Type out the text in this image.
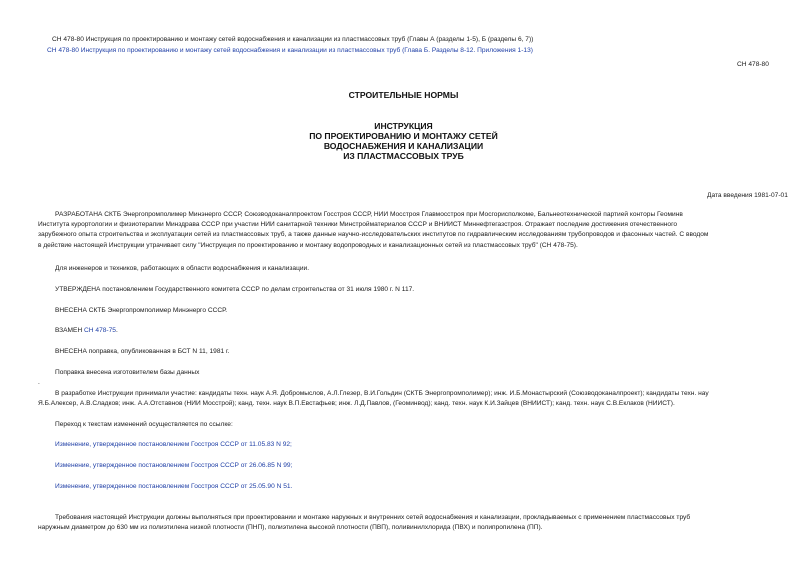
СН 478-80 Инструкция по проектированию и монтажу сетей водоснабжения и канализации из пластмассовых труб (Главы А (разделы 1-5), Б (разделы 6, 7))
СН 478-80 Инструкция по проектированию и монтажу сетей водоснабжения и канализации из пластмассовых труб (Глава Б. Разделы 8-12. Приложения 1-13)
СН 478-80
СТРОИТЕЛЬНЫЕ НОРМЫ
ИНСТРУКЦИЯ
ПО ПРОЕКТИРОВАНИЮ И МОНТАЖУ СЕТЕЙ
ВОДОСНАБЖЕНИЯ И КАНАЛИЗАЦИИ
ИЗ ПЛАСТМАССОВЫХ ТРУБ
Дата введения 1981-07-01
РАЗРАБОТАНА СКТБ Энергопромполимер Минэнерго СССР, Союзводоканалпроектом Госстроя СССР, НИИ Мосстроя Главмосстроя при Мосгорисполкоме, Бальнеотехнической партией конторы Геоминв
Института курортологии и физиотерапии Минздрава СССР при участии НИИ санитарной техники Минстройматериалов СССР и ВНИИСТ Миннефтегазстроя. Отражает последние достижения отечественного
зарубежного опыта строительства и эксплуатации сетей из пластмассовых труб, а также данные научно-исследовательских институтов по гидравлическим исследованиям трубопроводов и фасонных частей. С вводом
в действие настоящей Инструкции утрачивает силу "Инструкция по проектированию и монтажу водопроводных и канализационных сетей из пластмассовых труб" (СН 478-75).
Для инженеров и техников, работающих в области водоснабжения и канализации.
УТВЕРЖДЕНА постановлением Государственного комитета СССР по делам строительства от 31 июля 1980 г. N 117.
ВНЕСЕНА СКТБ Энергопромполимер Минэнерго СССР.
ВЗАМЕН СН 478-75.
ВНЕСЕНА поправка, опубликованная в БСТ N 11, 1981 г.
Поправка внесена изготовителем базы данных
.
В разработке Инструкции принимали участие: кандидаты техн. наук А.Я. Добромыслов, А.Л.Глезер, В.И.Гольдин (СКТБ Энергопромполимер); инж. И.Б.Монастырский (Союзводоканалпроект); кандидаты техн. нау
Я.Б.Алексер, А.В.Сладков; инж. А.А.Отставнов (НИИ Мосстрой); канд. техн. наук В.П.Евстафьев; инж. Л.Д.Павлов, (Геоминвод); канд. техн. наук К.И.Зайцев (ВНИИСТ); канд. техн. наук С.В.Еклаков (НИИСТ).
Переход к текстам изменений осуществляется по ссылке:
Изменение, утвержденное постановлением Госстроя СССР от 11.05.83 N 92;
Изменение, утвержденное постановлением Госстроя СССР от 26.06.85 N 99;
Изменение, утвержденное постановлением Госстроя СССР от 25.05.90 N 51.
Требования настоящей Инструкции должны выполняться при проектировании и монтаже наружных и внутренних сетей водоснабжения и канализации, прокладываемых с применением пластмассовых труб
наружным диаметром до 630 мм из полиэтилена низкой плотности (ПНП), полиэтилена высокой плотности (ПВП), поливинилхлорида (ПВХ) и полипропилена (ПП).
